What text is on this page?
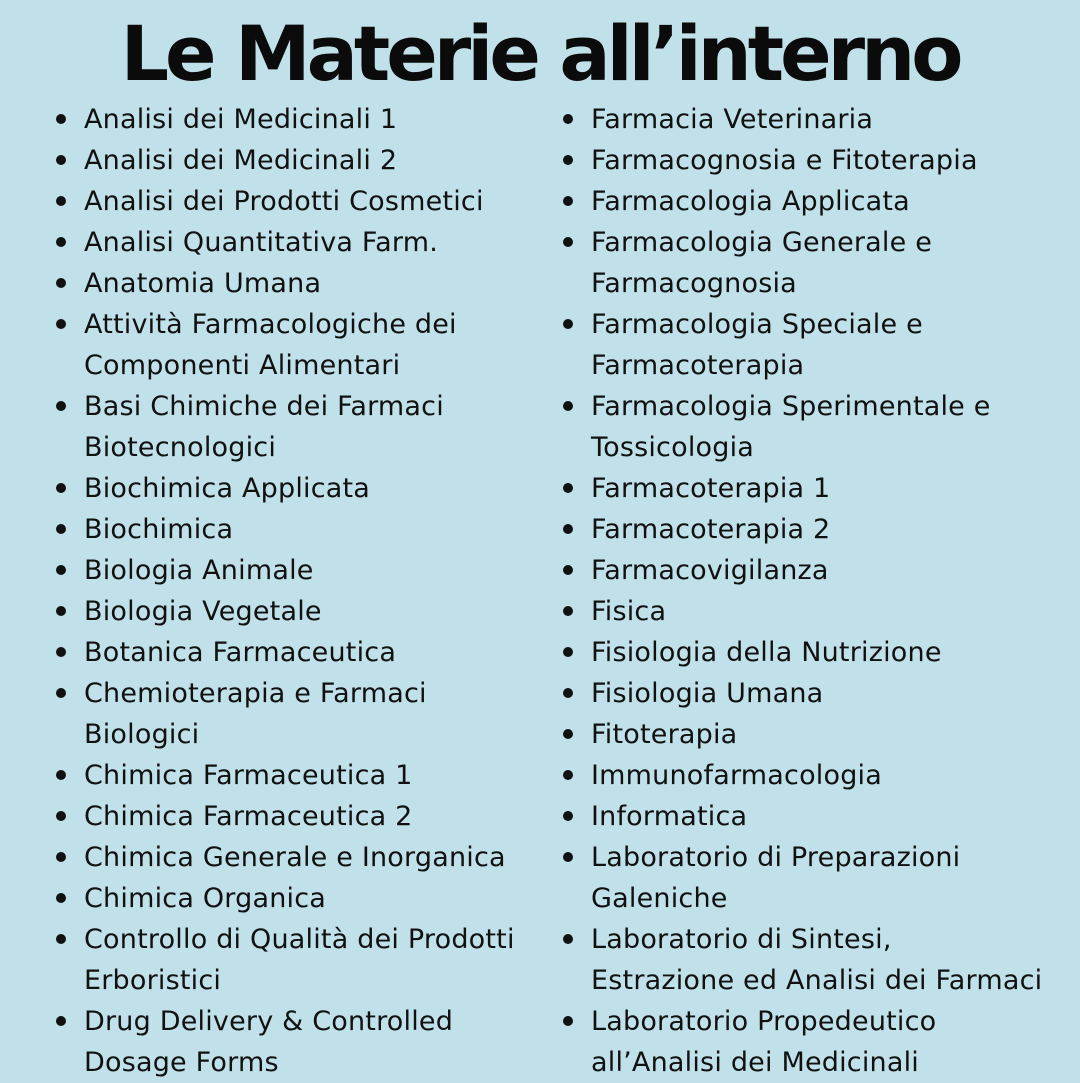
Le Materie all’interno
Analisi dei Medicinali 1
Analisi dei Medicinali 2
Analisi dei Prodotti Cosmetici
Analisi Quantitativa Farm.
Anatomia Umana
Attività Farmacologiche dei
Componenti Alimentari
Basi Chimiche dei Farmaci
Biotecnologici
Biochimica Applicata
Biochimica
Biologia Animale
Biologia Vegetale
Botanica Farmaceutica
Chemioterapia e Farmaci
Biologici
Chimica Farmaceutica 1
Chimica Farmaceutica 2
Chimica Generale e Inorganica
Chimica Organica
Controllo di Qualità dei Prodotti
Erboristici
Drug Delivery & Controlled
Dosage Forms
Farmacia Veterinaria
Farmacognosia e Fitoterapia
Farmacologia Applicata
Farmacologia Generale e
Farmacognosia
Farmacologia Speciale e
Farmacoterapia
Farmacologia Sperimentale e
Tossicologia
Farmacoterapia 1
Farmacoterapia 2
Farmacovigilanza
Fisica
Fisiologia della Nutrizione
Fisiologia Umana
Fitoterapia
Immunofarmacologia
Informatica
Laboratorio di Preparazioni
Galeniche
Laboratorio di Sintesi,
Estrazione ed Analisi dei Farmaci
Laboratorio Propedeutico
all’Analisi dei Medicinali
